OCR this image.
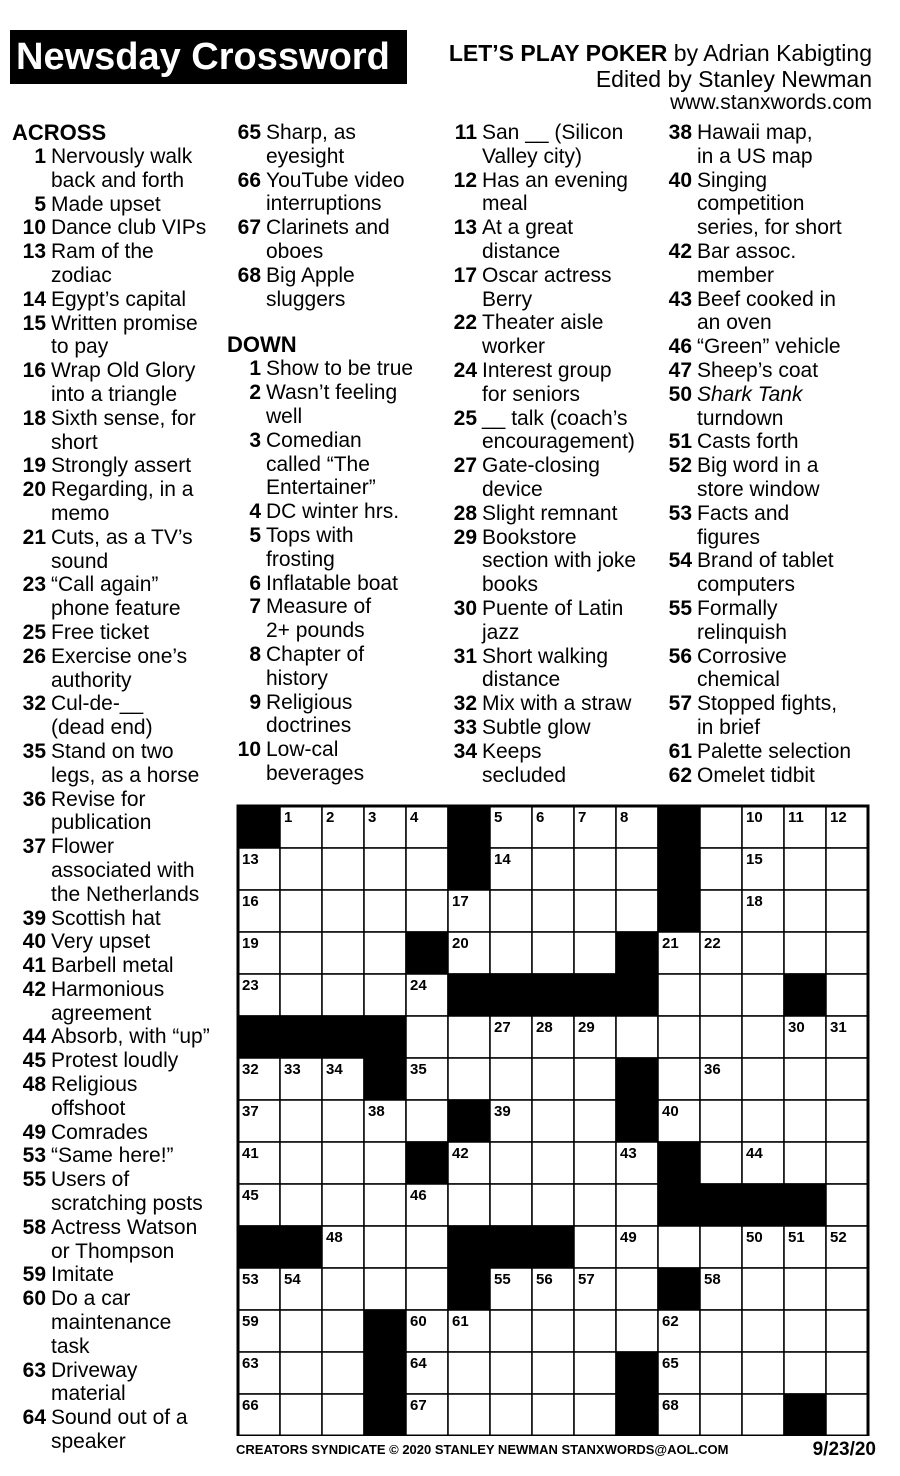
Newsday Crossword	LET’S PLAY POKER by Adrian Kabigting
Edited by Stanley Newman
www.stanxwords.com
ACROSS
1 Nervously walk
back and forth
5 Made upset
10 Dance club VIPs
13 Ram of the
zodiac
14 Egypt’s capital
15 Written promise
to pay
16 Wrap Old Glory
into a triangle
18 Sixth sense, for
short
19 Strongly assert
20 Regarding, in a
memo
21 Cuts, as a TV’s
sound
23 “Call again”
phone feature
25 Free ticket
26 Exercise one’s
authority
32 Cul-de-__
(dead end)
35 Stand on two
legs, as a horse
36 Revise for
publication
37 Flower
associated with
the Netherlands
39 Scottish hat
40 Very upset
41 Barbell metal
42 Harmonious
agreement
44 Absorb, with “up”
45 Protest loudly
48 Religious
offshoot
49 Comrades
53 “Same here!”
55 Users of
scratching posts
58 Actress Watson
or Thompson
59 Imitate
60 Do a car
maintenance
task
63 Driveway
material
64 Sound out of a
speaker
65 Sharp, as
eyesight
66 YouTube video
interruptions
67 Clarinets and
oboes
68 Big Apple
sluggers
DOWN
1 Show to be true
2 Wasn’t feeling
well
3 Comedian
called “The
Entertainer”
4 DC winter hrs.
5 Tops with
frosting
6 Inflatable boat
7 Measure of
2+ pounds
8 Chapter of
history
9 Religious
doctrines
10 Low-cal
beverages
11 San __ (Silicon
Valley city)
12 Has an evening
meal
13 At a great
distance
17 Oscar actress
Berry
22 Theater aisle
worker
24 Interest group
for seniors
25 __ talk (coach’s
encouragement)
27 Gate-closing
device
28 Slight remnant
29 Bookstore
section with joke
books
30 Puente of Latin
jazz
31 Short walking
distance
32 Mix with a straw
33 Subtle glow
34 Keeps
secluded
38 Hawaii map,
in a US map
40 Singing
competition
series, for short
42 Bar assoc.
member
43 Beef cooked in
an oven
46 “Green” vehicle
47 Sheep’s coat
50 Shark Tank
turndown
51 Casts forth
52 Big word in a
store window
53 Facts and
figures
54 Brand of tablet
computers
55 Formally
relinquish
56 Corrosive
chemical
57 Stopped fights,
in brief
61 Palette selection
62 Omelet tidbit
1 2 3 4	5 6 7 8 9	10 11 12
13	14	15
16	17	18
19	20	21 22
23	24	25
26	27 28 29	30 31
32 33 34	35	36
37	38	39	40
41	42	43	44
45	46	47
48	49	50 51 52
53 54	55 56 57	58
59	60 61	62
63	64	65
66	67	68
CREATORS SYNDICATE © 2020 STANLEY NEWMAN STANXWORDS@AOL.COM	9/23/20
